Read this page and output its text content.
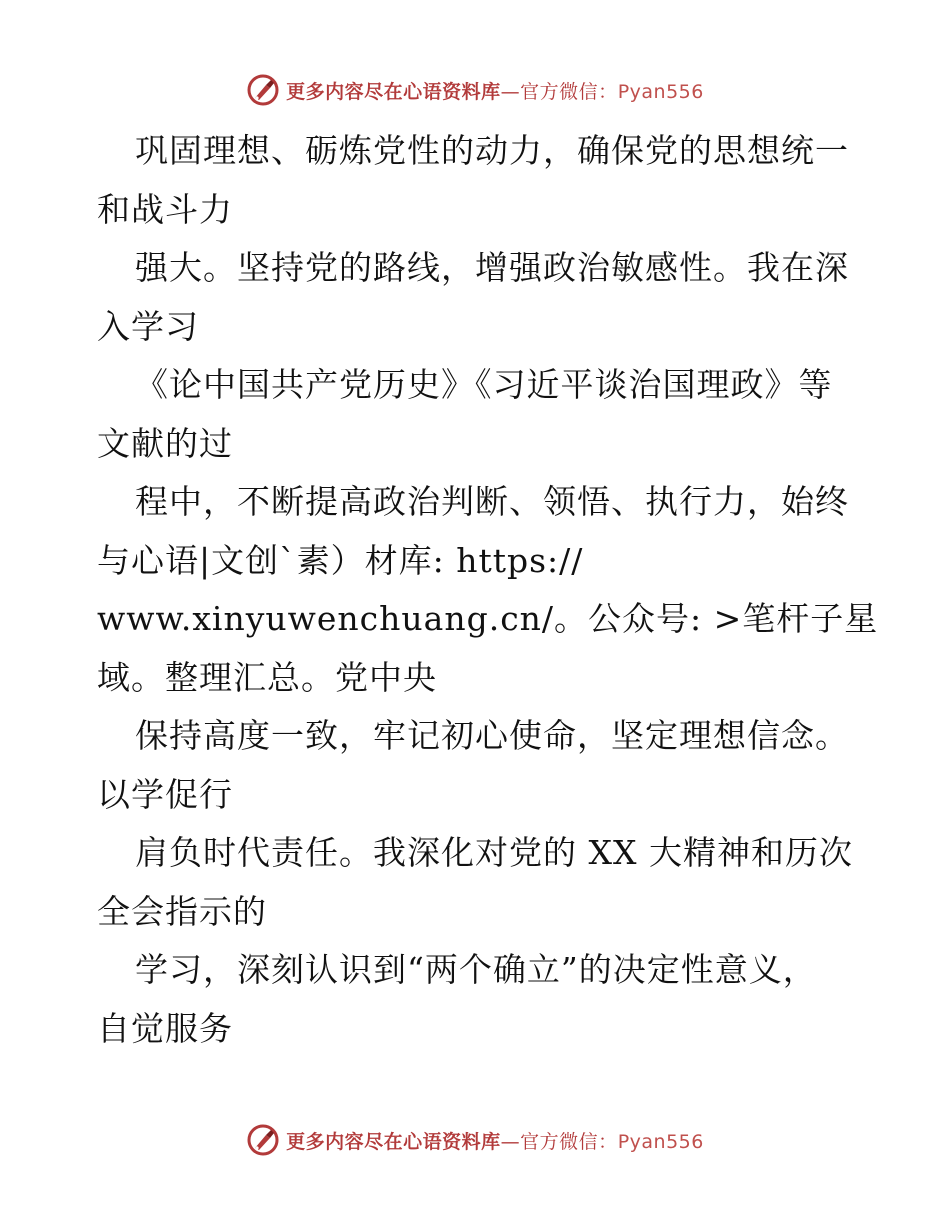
更多内容尽在心语资料库—官方微信：Pyan556
巩固理想、砺炼党性的动力，确保党的思想统一
和战斗力
强大。坚持党的路线，增强政治敏感性。我在深
入学习
《论中国共产党历史》《习近平谈治国理政》等
文献的过
程中，不断提高政治判断、领悟、执行力，始终
与心语|文创`素）材库: https://
www.xinyuwenchuang.cn/。公众号: >笔杆子星
域。整理汇总。党中央
保持高度一致，牢记初心使命，坚定理想信念。
以学促行
肩负时代责任。我深化对党的 XX 大精神和历次
全会指示的
学习，深刻认识到“两个确立”的决定性意义，
自觉服务
更多内容尽在心语资料库—官方微信：Pyan556
